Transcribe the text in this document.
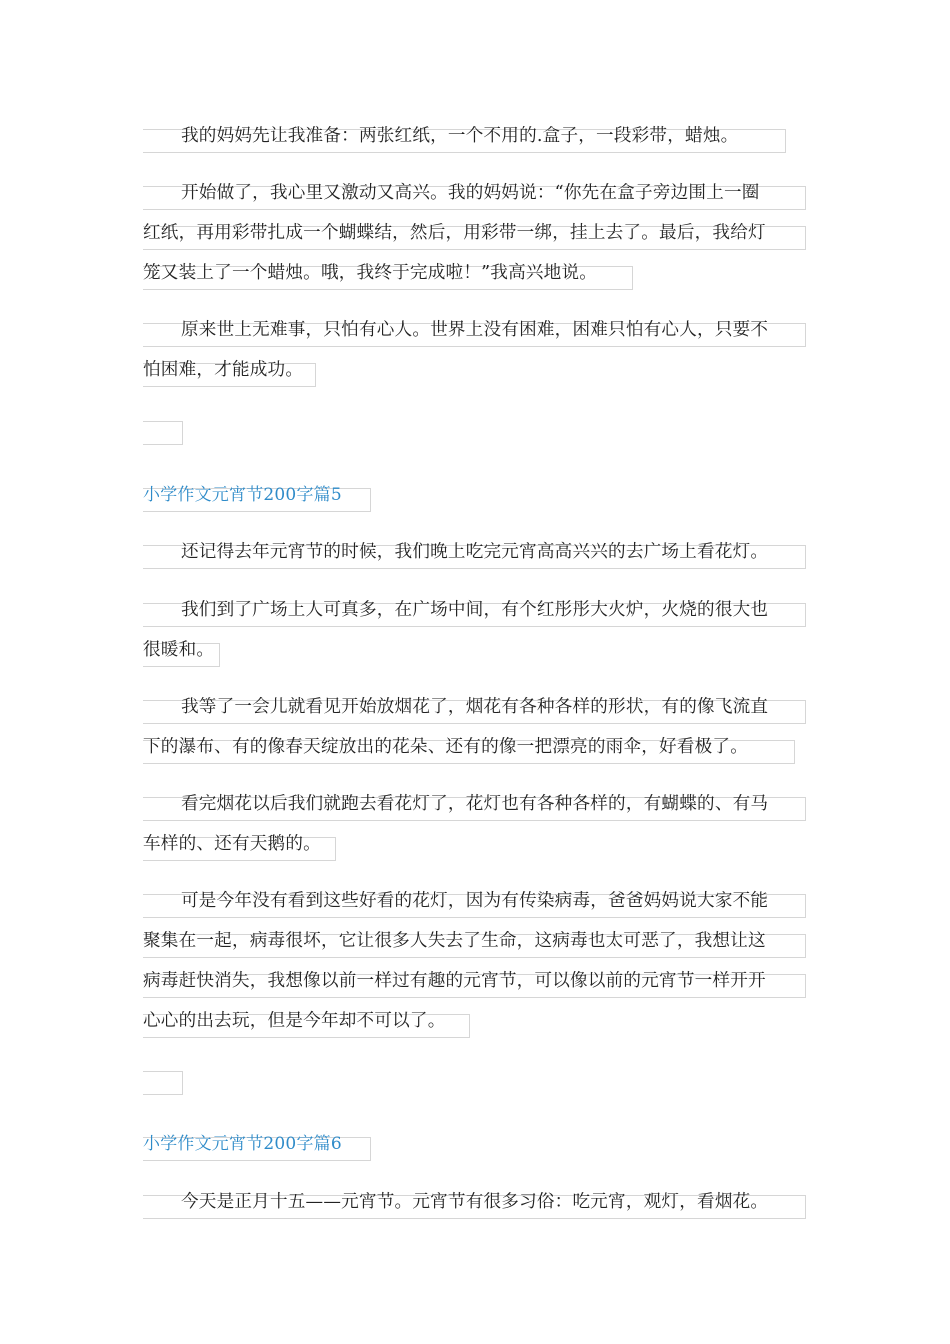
我的妈妈先让我准备：两张红纸，一个不用的.盒子，一段彩带，蜡烛。
开始做了，我心里又激动又高兴。我的妈妈说：“你先在盒子旁边围上一圈
红纸，再用彩带扎成一个蝴蝶结，然后，用彩带一绑，挂上去了。最后，我给灯
笼又装上了一个蜡烛。哦，我终于完成啦！”我高兴地说。
原来世上无难事，只怕有心人。世界上没有困难，困难只怕有心人，只要不
怕困难，才能成功。
小学作文元宵节200字篇5
还记得去年元宵节的时候，我们晚上吃完元宵高高兴兴的去广场上看花灯。
我们到了广场上人可真多，在广场中间，有个红彤彤大火炉，火烧的很大也
很暖和。
我等了一会儿就看见开始放烟花了，烟花有各种各样的形状，有的像飞流直
下的瀑布、有的像春天绽放出的花朵、还有的像一把漂亮的雨伞，好看极了。
看完烟花以后我们就跑去看花灯了，花灯也有各种各样的，有蝴蝶的、有马
车样的、还有天鹅的。
可是今年没有看到这些好看的花灯，因为有传染病毒，爸爸妈妈说大家不能
聚集在一起，病毒很坏，它让很多人失去了生命，这病毒也太可恶了，我想让这
病毒赶快消失，我想像以前一样过有趣的元宵节，可以像以前的元宵节一样开开
心心的出去玩，但是今年却不可以了。
小学作文元宵节200字篇6
今天是正月十五——元宵节。元宵节有很多习俗：吃元宵，观灯，看烟花。
